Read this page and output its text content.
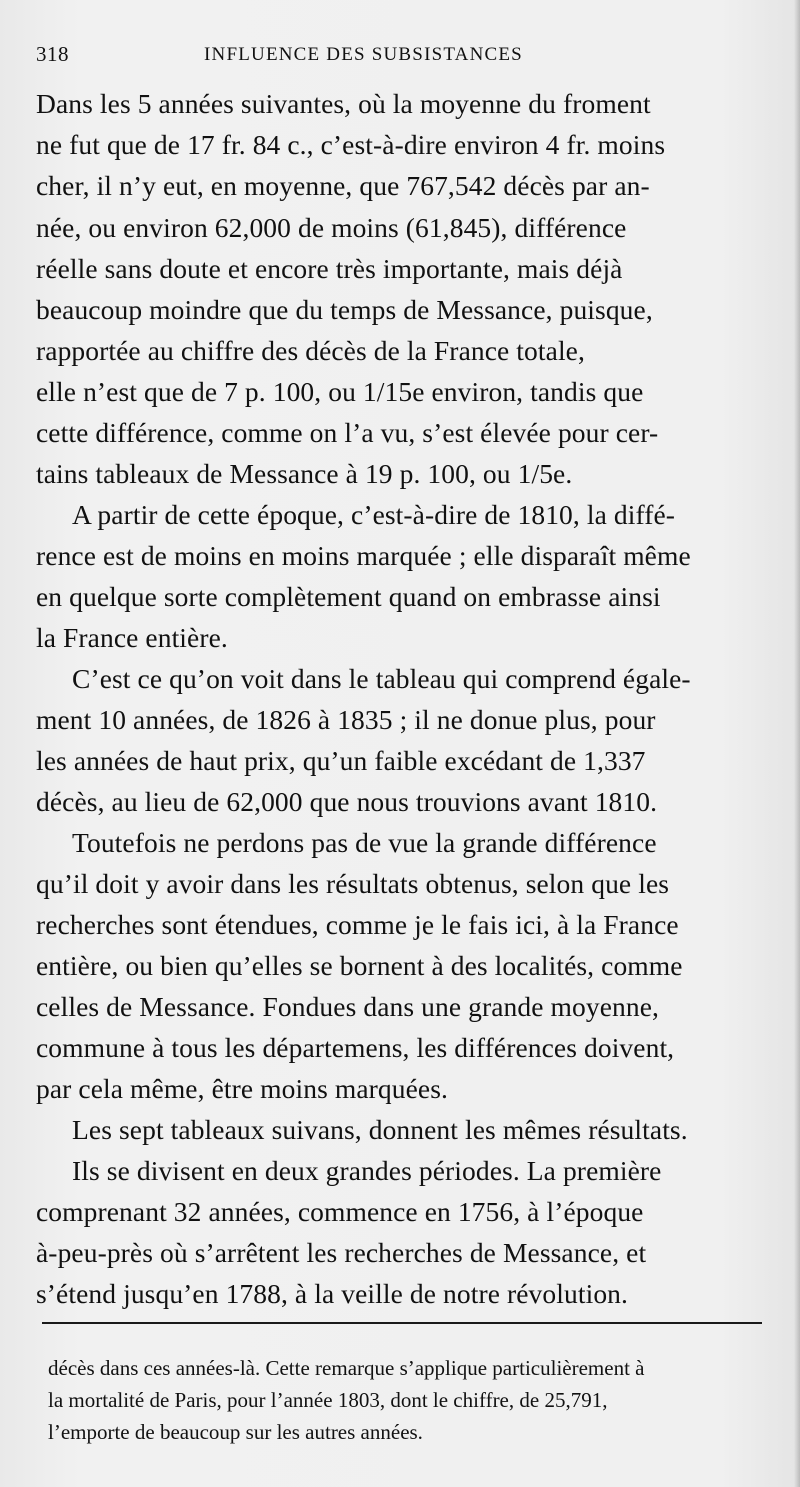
318	INFLUENCE DES SUBSISTANCES
Dans les 5 années suivantes, où la moyenne du froment
ne fut que de 17 fr. 84 c., c’est-à-dire environ 4 fr. moins
cher, il n’y eut, en moyenne, que 767,542 décès par an-
née, ou environ 62,000 de moins (61,845), différence
réelle sans doute et encore très importante, mais déjà
beaucoup moindre que du temps de Messance, puisque,
rapportée au chiffre des décès de la France totale,
elle n’est que de 7 p. 100, ou 1/15e environ, tandis que
cette différence, comme on l’a vu, s’est élevée pour cer-
tains tableaux de Messance à 19 p. 100, ou 1/5e.
A partir de cette époque, c’est-à-dire de 1810, la diffé-
rence est de moins en moins marquée ; elle disparaît même
en quelque sorte complètement quand on embrasse ainsi
la France entière.
C’est ce qu’on voit dans le tableau qui comprend égale-
ment 10 années, de 1826 à 1835 ; il ne donue plus, pour
les années de haut prix, qu’un faible excédant de 1,337
décès, au lieu de 62,000 que nous trouvions avant 1810.
Toutefois ne perdons pas de vue la grande différence
qu’il doit y avoir dans les résultats obtenus, selon que les
recherches sont étendues, comme je le fais ici, à la France
entière, ou bien qu’elles se bornent à des localités, comme
celles de Messance. Fondues dans une grande moyenne,
commune à tous les départemens, les différences doivent,
par cela même, être moins marquées.
Les sept tableaux suivans, donnent les mêmes résultats.
Ils se divisent en deux grandes périodes. La première
comprenant 32 années, commence en 1756, à l’époque
à-peu-près où s’arrêtent les recherches de Messance, et
s’étend jusqu’en 1788, à la veille de notre révolution.
décès dans ces années-là. Cette remarque s’applique particulièrement à
la mortalité de Paris, pour l’année 1803, dont le chiffre, de 25,791,
l’emporte de beaucoup sur les autres années.
